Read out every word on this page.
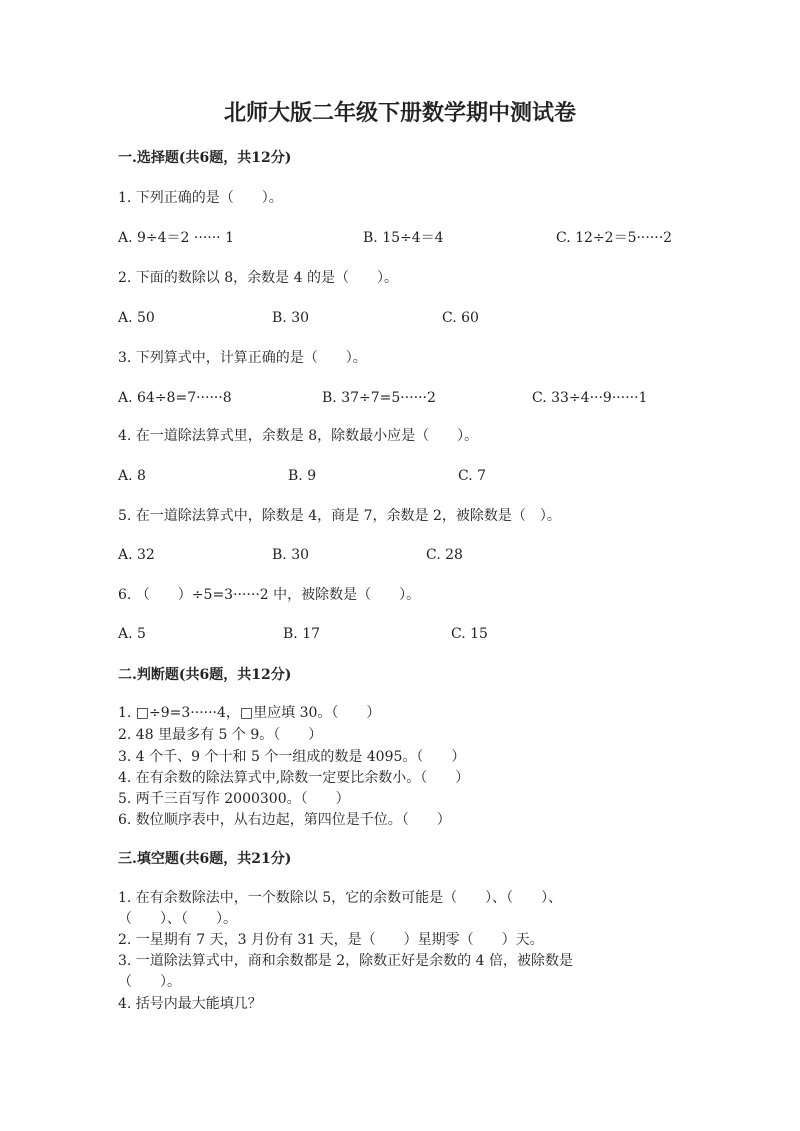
北师大版二年级下册数学期中测试卷
一.选择题(共6题，共12分)
1. 下列正确的是（　　）。
A. 9÷4＝2 ······ 1	B. 15÷4＝4	C. 12÷2＝5······2
2. 下面的数除以 8，余数是 4 的是（　　）。
A. 50	B. 30	C. 60
3. 下列算式中，计算正确的是（　　）。
A. 64÷8=7······8	B. 37÷7=5······2	C. 33÷4···9······1
4. 在一道除法算式里，余数是 8，除数最小应是（　　）。
A. 8	B. 9	C. 7
5. 在一道除法算式中，除数是 4，商是 7，余数是 2，被除数是（　）。
A. 32	B. 30	C. 28
6. （　　）÷5=3······2 中，被除数是（　　）。
A. 5	B. 17	C. 15
二.判断题(共6题，共12分)
1. □÷9=3······4，□里应填 30。（　　）
2. 48 里最多有 5 个 9。（　　）
3. 4 个千、9 个十和 5 个一组成的数是 4095。（　　）
4. 在有余数的除法算式中,除数一定要比余数小。（　　）
5. 两千三百写作 2000300。（　　）
6. 数位顺序表中，从右边起，第四位是千位。（　　）
三.填空题(共6题，共21分)
1. 在有余数除法中，一个数除以 5，它的余数可能是（　　）、（　　）、
（　　）、（　　）。
2. 一星期有 7 天，3 月份有 31 天，是（　　）星期零（　　）天。
3. 一道除法算式中，商和余数都是 2，除数正好是余数的 4 倍，被除数是
（　　）。
4. 括号内最大能填几？
